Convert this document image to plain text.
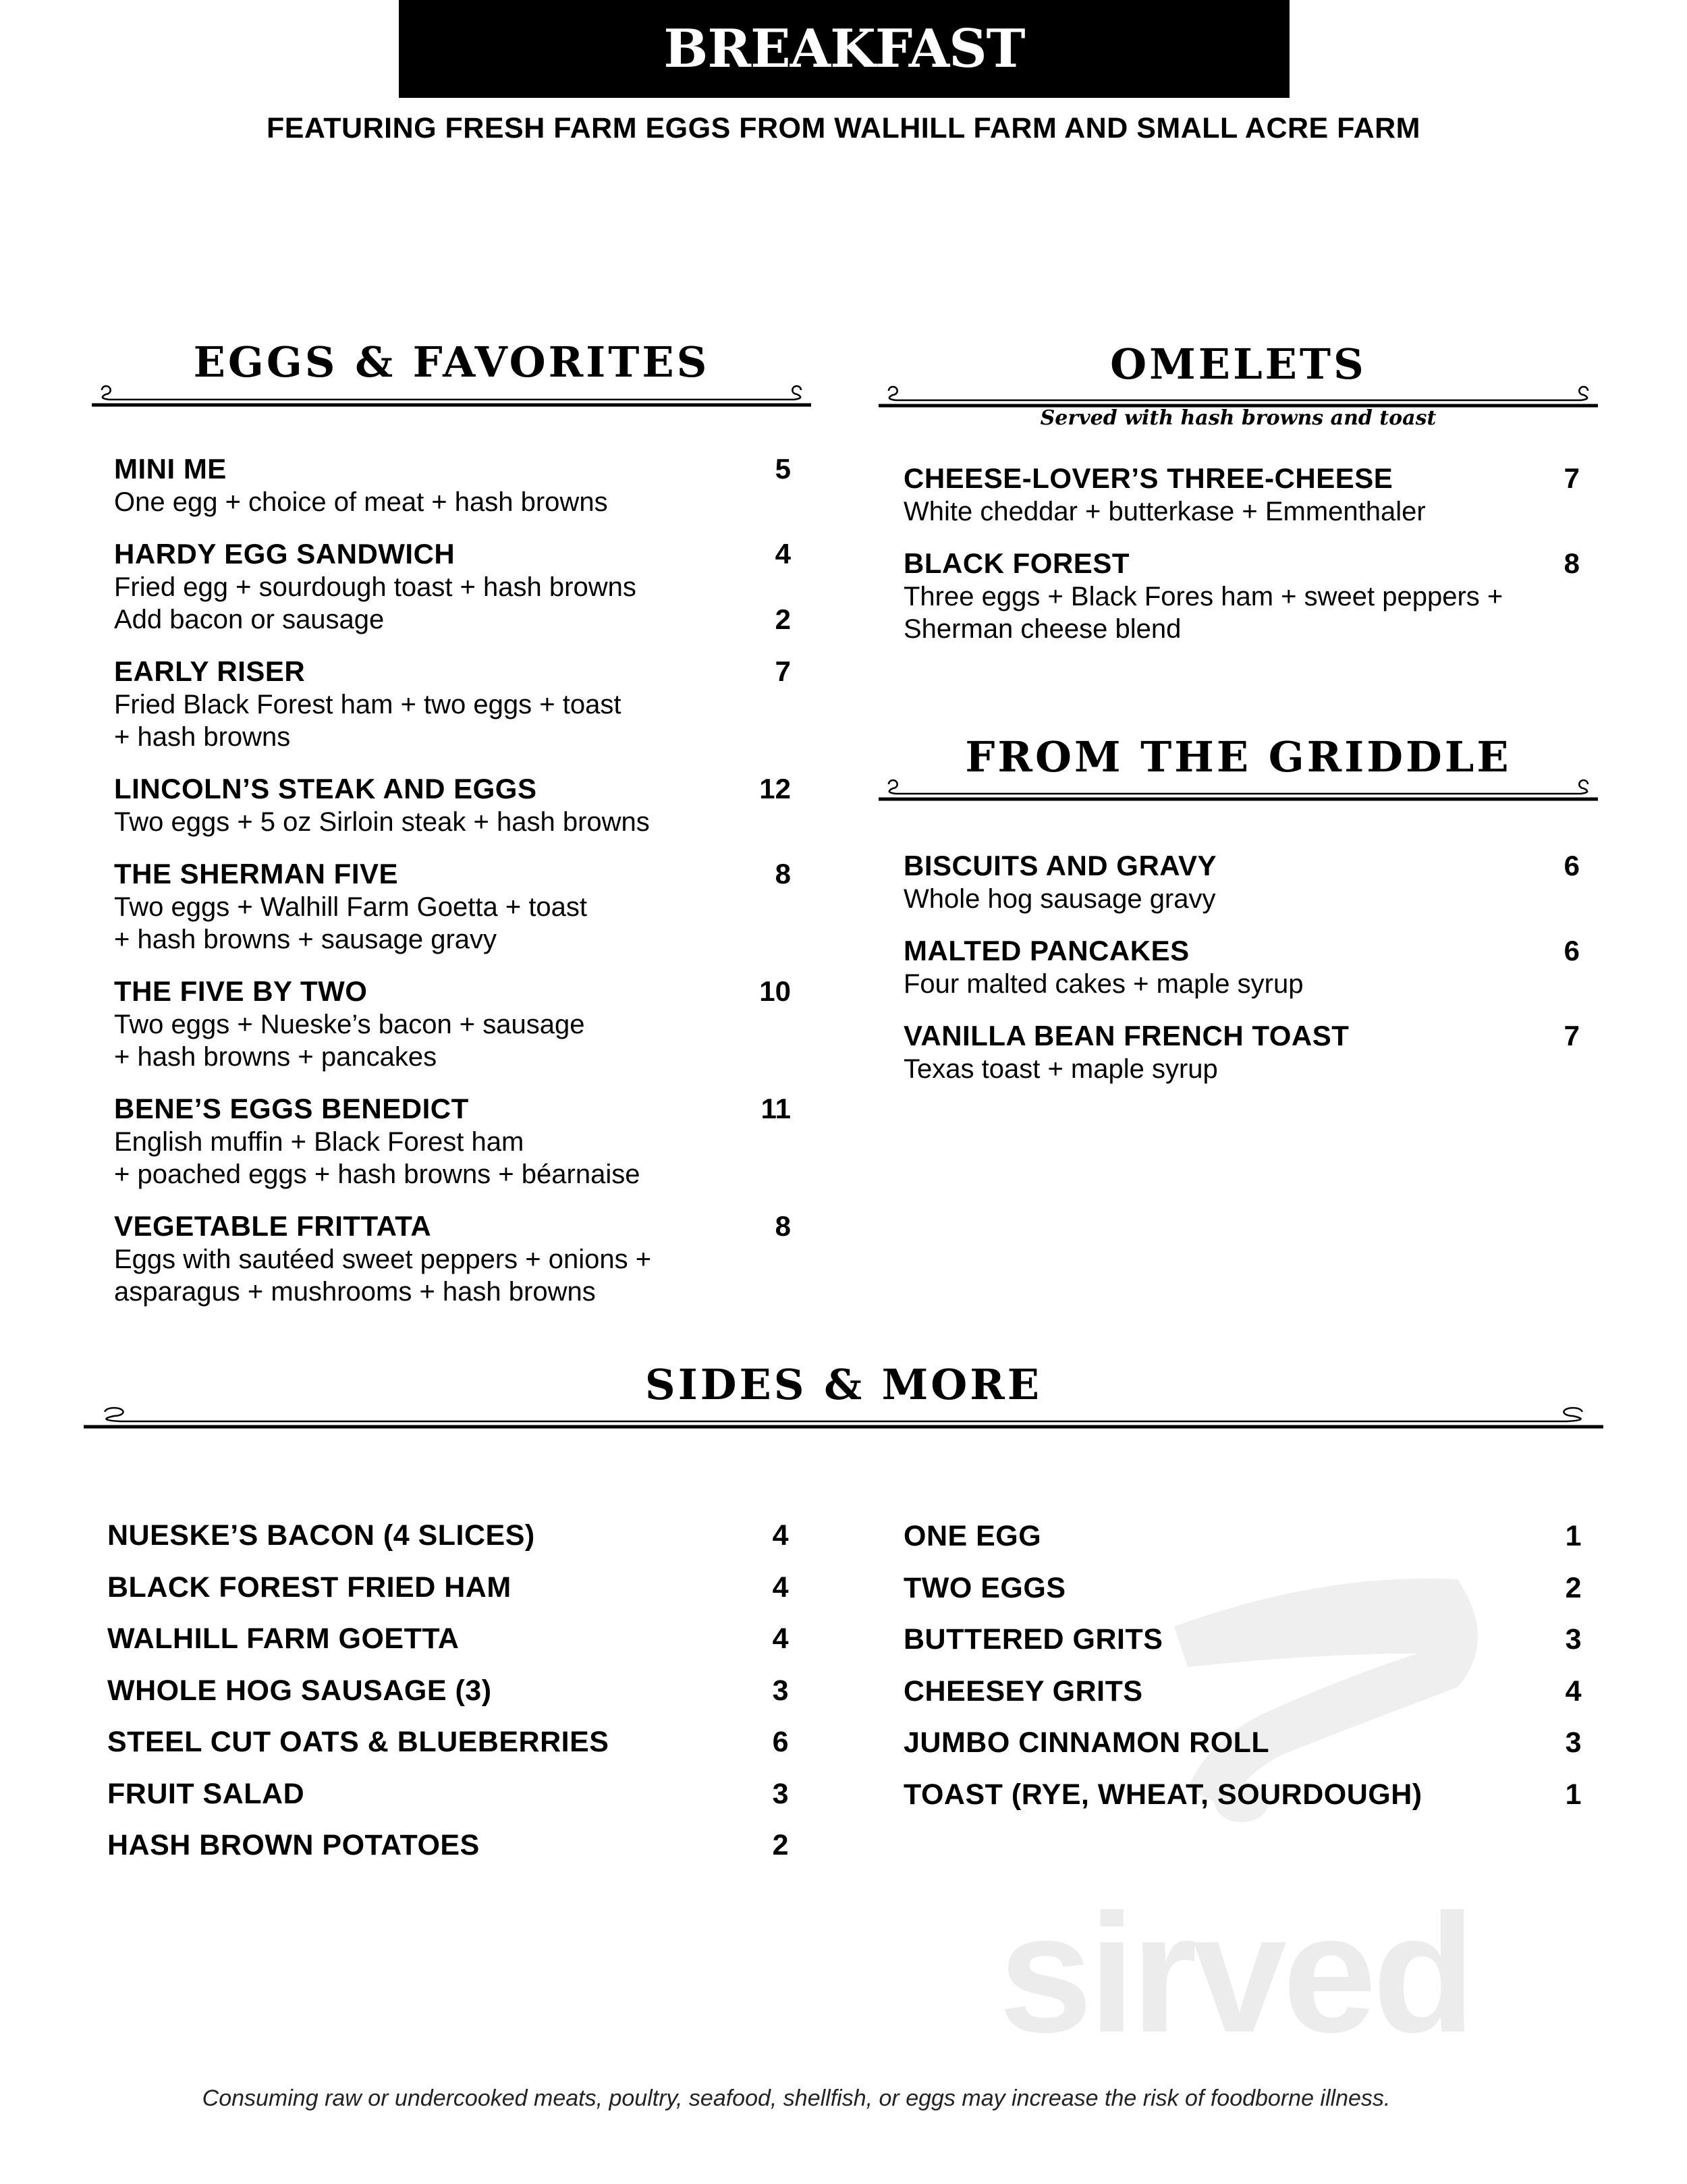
sirved
BREAKFAST
FEATURING FRESH FARM EGGS FROM WALHILL FARM AND SMALL ACRE FARM
EGGS & FAVORITES
MINI ME	5
One egg + choice of meat + hash browns
HARDY EGG SANDWICH	4
Fried egg + sourdough toast + hash browns
Add bacon or sausage	2
EARLY RISER	7
Fried Black Forest ham + two eggs + toast
+ hash browns
LINCOLN’S STEAK AND EGGS	12
Two eggs + 5 oz Sirloin steak + hash browns
THE SHERMAN FIVE	8
Two eggs + Walhill Farm Goetta + toast
+ hash browns + sausage gravy
THE FIVE BY TWO	10
Two eggs + Nueske’s bacon + sausage
+ hash browns + pancakes
BENE’S EGGS BENEDICT	11
English muffin + Black Forest ham
+ poached eggs + hash browns + béarnaise
VEGETABLE FRITTATA	8
Eggs with sautéed sweet peppers + onions +
asparagus + mushrooms + hash browns
OMELETS
Served with hash browns and toast
CHEESE-LOVER’S THREE-CHEESE	7
White cheddar + butterkase + Emmenthaler
BLACK FOREST	8
Three eggs + Black Fores ham + sweet peppers +
Sherman cheese blend
FROM THE GRIDDLE
BISCUITS AND GRAVY	6
Whole hog sausage gravy
MALTED PANCAKES	6
Four malted cakes + maple syrup
VANILLA BEAN FRENCH TOAST	7
Texas toast + maple syrup
SIDES & MORE
NUESKE’S BACON (4 SLICES)	4
BLACK FOREST FRIED HAM	4
WALHILL FARM GOETTA	4
WHOLE HOG SAUSAGE (3)	3
STEEL CUT OATS & BLUEBERRIES	6
FRUIT SALAD	3
HASH BROWN POTATOES	2
ONE EGG	1
TWO EGGS	2
BUTTERED GRITS	3
CHEESEY GRITS	4
JUMBO CINNAMON ROLL	3
TOAST (RYE, WHEAT, SOURDOUGH)	1
Consuming raw or undercooked meats, poultry, seafood, shellfish, or eggs may increase the risk of foodborne illness.
